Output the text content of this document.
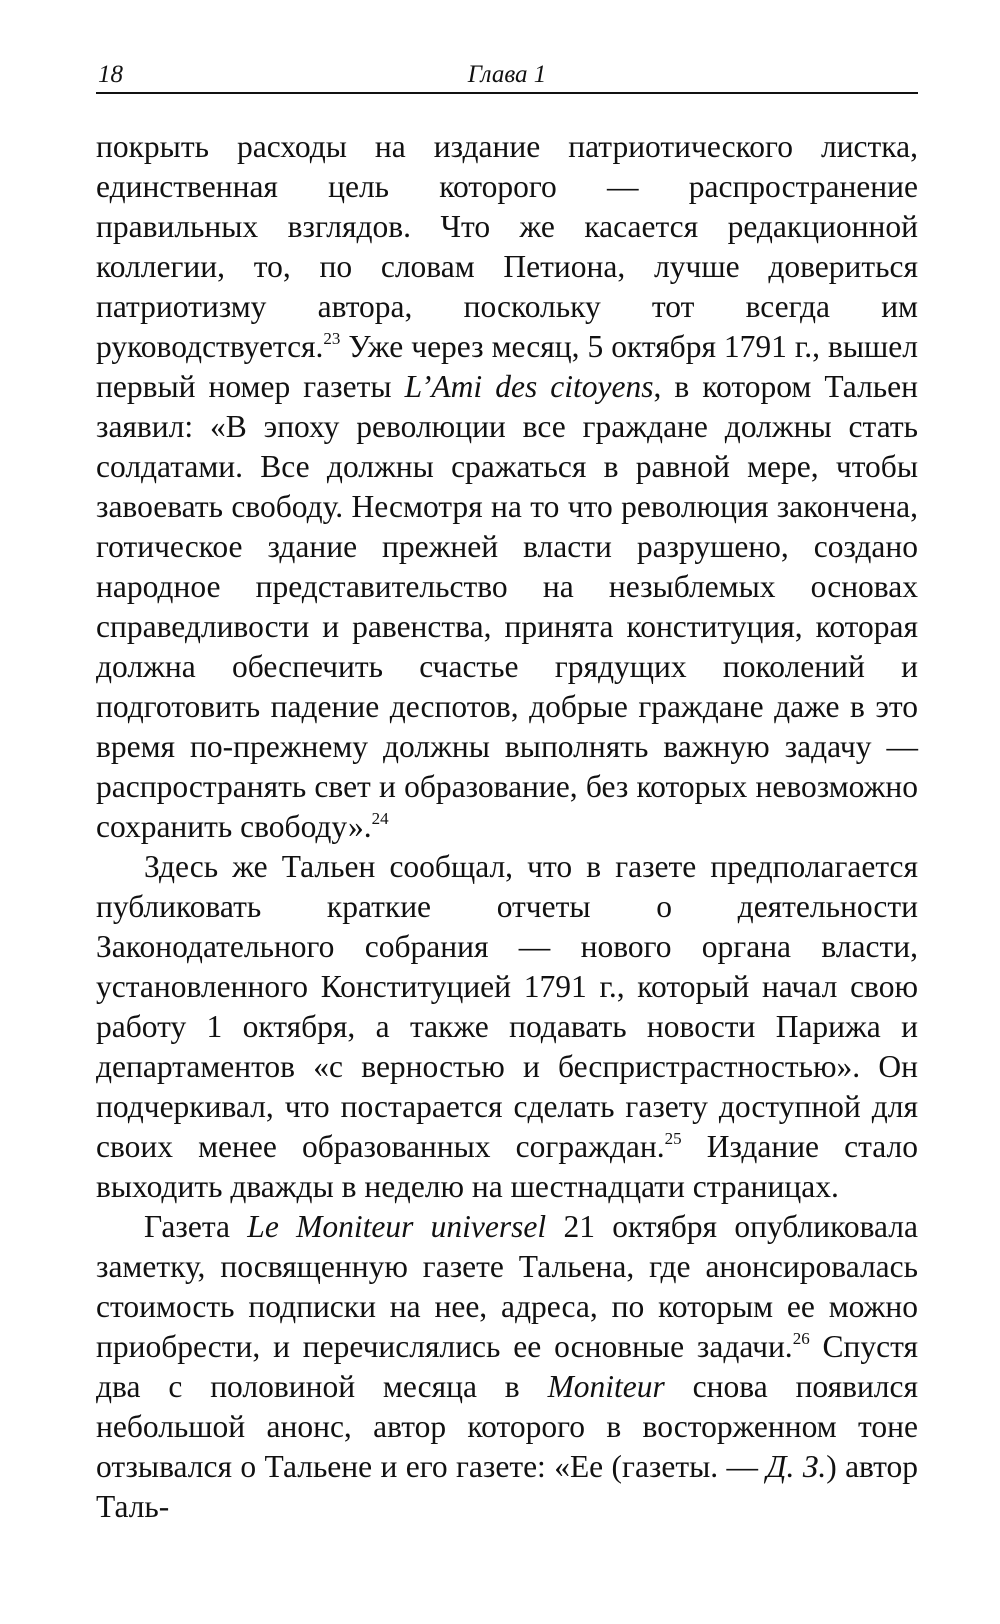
18	Глава 1

покрыть расходы на издание патриотического листка, единственная цель которого — распространение правильных взглядов. Что же касается редакционной коллегии, то, по словам Петиона, лучше довериться патриотизму автора, поскольку тот всегда им руководствуется.$^{23}$ Уже через месяц, 5 октября 1791 г., вышел первый номер газеты L’Ami des citoyens, в котором Тальен заявил: «В эпоху революции все граждане должны стать солдатами. Все должны сражаться в равной мере, чтобы завоевать свободу. Несмотря на то что революция закончена, готическое здание прежней власти разрушено, создано народное представительство на незыблемых основах справедливости и равенства, принята конституция, которая должна обеспечить счастье грядущих поколений и подготовить падение деспотов, добрые граждане даже в это время по-прежнему должны выполнять важную задачу — распространять свет и образование, без которых невозможно сохранить свободу».$^{24}$

Здесь же Тальен сообщал, что в газете предполагается публиковать краткие отчеты о деятельности Законодательного собрания — нового органа власти, установленного Конституцией 1791 г., который начал свою работу 1 октября, а также подавать новости Парижа и департаментов «с верностью и беспристрастностью». Он подчеркивал, что постарается сделать газету доступной для своих менее образованных сограждан.$^{25}$ Издание стало выходить дважды в неделю на шестнадцати страницах.

Газета Le Moniteur universel 21 октября опубликовала заметку, посвященную газете Тальена, где анонсировалась стоимость подписки на нее, адреса, по которым ее можно приобрести, и перечислялись ее основные задачи.$^{26}$ Спустя два с половиной месяца в Moniteur снова появился небольшой анонс, автор которого в восторженном тоне отзывался о Тальене и его газете: «Ее (газеты. — Д. З.) автор Таль-
